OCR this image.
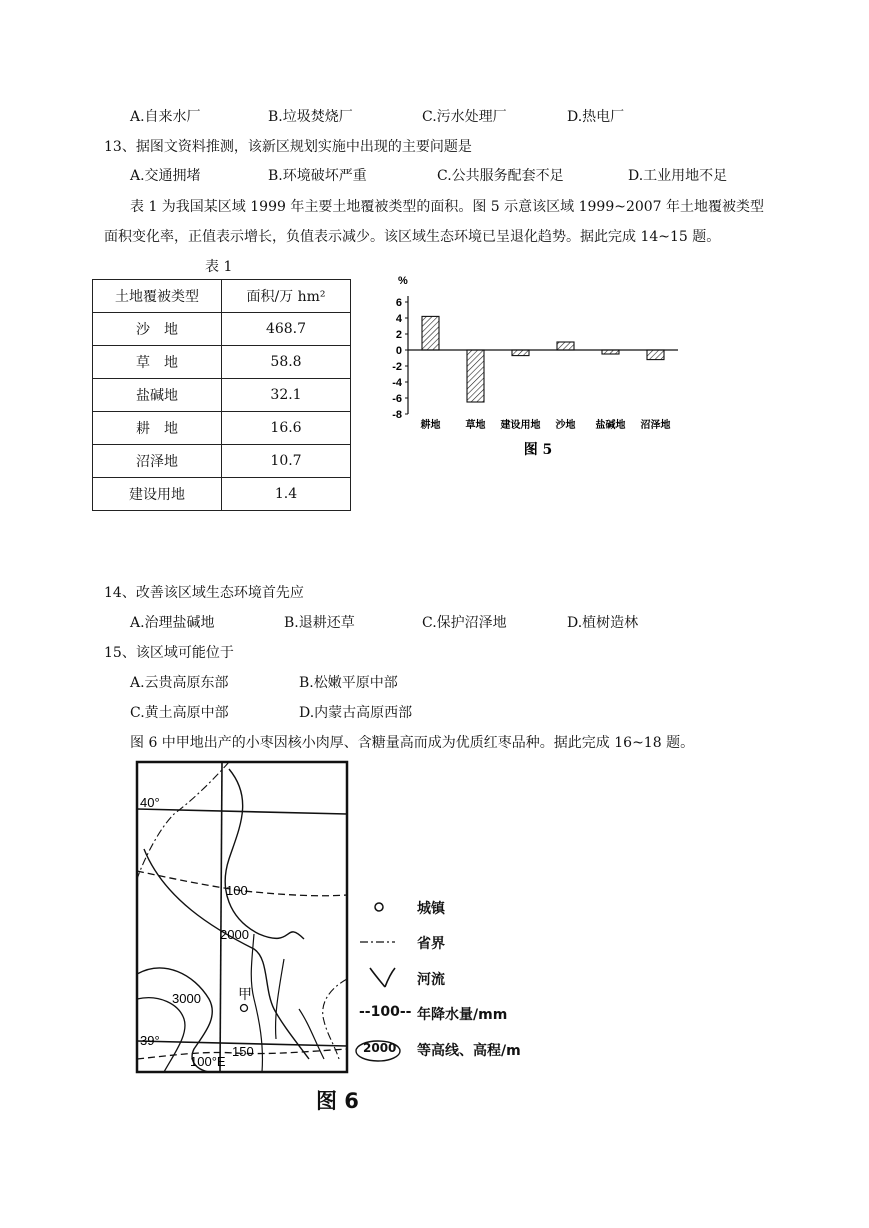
A.自来水厂	B.垃圾焚烧厂	C.污水处理厂	D.热电厂
13、据图文资料推测，该新区规划实施中出现的主要问题是
A.交通拥堵	B.环境破坏严重	C.公共服务配套不足	D.工业用地不足
表 1 为我国某区域 1999 年主要土地覆被类型的面积。图 5 示意该区域 1999~2007 年土地覆被类型
面积变化率，正值表示增长，负值表示减少。该区域生态环境已呈退化趋势。据此完成 14~15 题。
表 1
土地覆被类型	面积/万 hm²
沙　地	468.7
草　地	58.8
盐碱地	32.1
耕　地	16.6
沼泽地	10.7
建设用地	1.4
%
6
4
2
0
-2
-4
-6
-8
耕地	草地 建设用地 沙地 盐碱地 沼泽地
图 5
14、改善该区域生态环境首先应
A.治理盐碱地	B.退耕还草	C.保护沼泽地	D.植树造林
15、该区域可能位于
A.云贵高原东部	B.松嫩平原中部
C.黄土高原中部	D.内蒙古高原西部
图 6 中甲地出产的小枣因核小肉厚、含糖量高而成为优质红枣品种。据此完成 16~18 题。
40°
39°
100°E
100
150
2000
3000	甲
城镇
省界
河流
--100-- 年降水量/mm
2000 等高线、高程/m
图 6
